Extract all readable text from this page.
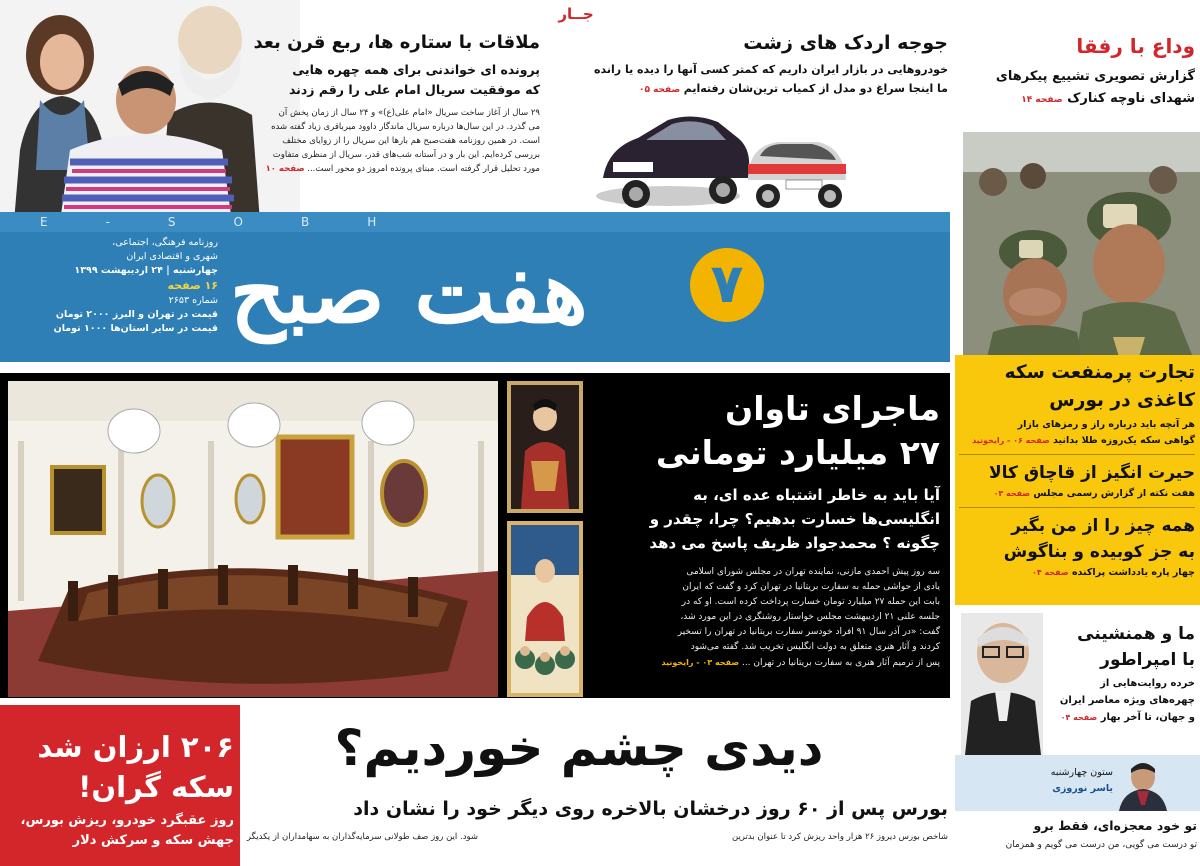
جــار
ملاقات با ستاره ها، ربع قرن بعد
پرونده ای خواندنی برای همه چهره هایی
که موفقیت سریال امام علی را رقم زدند
۲۹ سال از آغاز ساخت سریال «امام علی(ع)» و ۲۴ سال از زمان پخش آن
می گذرد. در این سال‌ها درباره سریال ماندگار داوود میرباقری زیاد گفته شده
است. در همین روزنامه هفت‌صبح هم بارها این سریال را از زوایای مختلف
بررسی کرده‌ایم. این بار و در آستانه شب‌های قدر، سریال از منظری متفاوت
مورد تحلیل قرار گرفته است. مبنای پرونده امروز دو محور است... صفحه ۱۰
جوجه اردک های زشت
خودروهایی در بازار ایران داریم که کمتر کسی آنها را دیده یا رانده
ما اینجا سراغ دو مدل از کمیاب ترین‌شان رفته‌ایم صفحه ۰۵
E-SOBH
هفت صبح	۷
روزنامه فرهنگی، اجتماعی،
شهری و اقتصادی ایران
چهارشنبه | ۲۴ اردیبهشت ۱۳۹۹
۱۶ صفحه
شماره ۲۶۵۳
قیمت در تهران و البرز ۲۰۰۰ تومان
قیمت در سایر استان‌ها ۱۰۰۰ تومان
وداع با رفقا
گزارش تصویری تشییع پیکرهای
شهدای ناوچه کنارک صفحه ۱۴
تجارت پرمنفعت سکه
کاغذی در بورس
هر آنچه باید درباره راز و رمزهای بازار
گواهی سکه یک‌روزه طلا بدانید صفحه ۰۶ - رایخونید
حیرت انگیز از قاچاق کالا
هفت نکته از گزارش رسمی مجلس صفحه ۰۳
همه چیز را از من بگیر
به جز کوبیده و بناگوش
چهار پاره یادداشت پراکنده صفحه ۰۴
ما و همنشینی
با امپراطور
خرده روایت‌هایی از
چهره‌های ویژه معاصر ایران
و جهان، تا آخر بهار صفحه ۰۴
ستون چهارشنبه
یاسر نوروزی
تو خود معجزه‌ای، فقط برو
تو درست می گویی، من درست می گویم و همزمان
ماجرای تاوان
۲۷ میلیارد تومانی
آیا باید به خاطر اشتباه عده ای، به
انگلیسی‌ها خسارت بدهیم؟ چرا، چقدر و
چگونه ؟ محمدجواد ظریف پاسخ می دهد
سه روز پیش احمدی مازنی، نماینده تهران در مجلس شورای اسلامی
یادی از حواشی حمله به سفارت بریتانیا در تهران کرد و گفت که ایران
بابت این حمله ۲۷ میلیارد تومان خسارت پرداخت کرده است. او که در
جلسه علنی ۲۱ اردیبهشت مجلس خواستار روشنگری در این مورد شد،
گفت: «در آذر سال ۹۱ افراد خودسر سفارت بریتانیا در تهران را تسخیر
کردند و آثار هنری متعلق به دولت انگلیس تخریب شد. گفته می‌شود
پس از ترمیم آثار هنری به سفارت بریتانیا در تهران ... صفحه ۰۳ - رایخونید
۲۰۶ ارزان شد
سکه گران!
روز عقبگرد خودرو، ریزش بورس،
جهش سکه و سرکش دلار
دیدی چشم خوردیم؟
بورس پس از ۶۰ روز درخشان بالاخره روی دیگر خود را نشان داد
شاخص بورس دیروز ۲۶ هزار واحد ریزش کرد تا عنوان بدترین
شود. این روز صف طولانی سرمایه‌گذاران به سهامداران از یکدیگر
